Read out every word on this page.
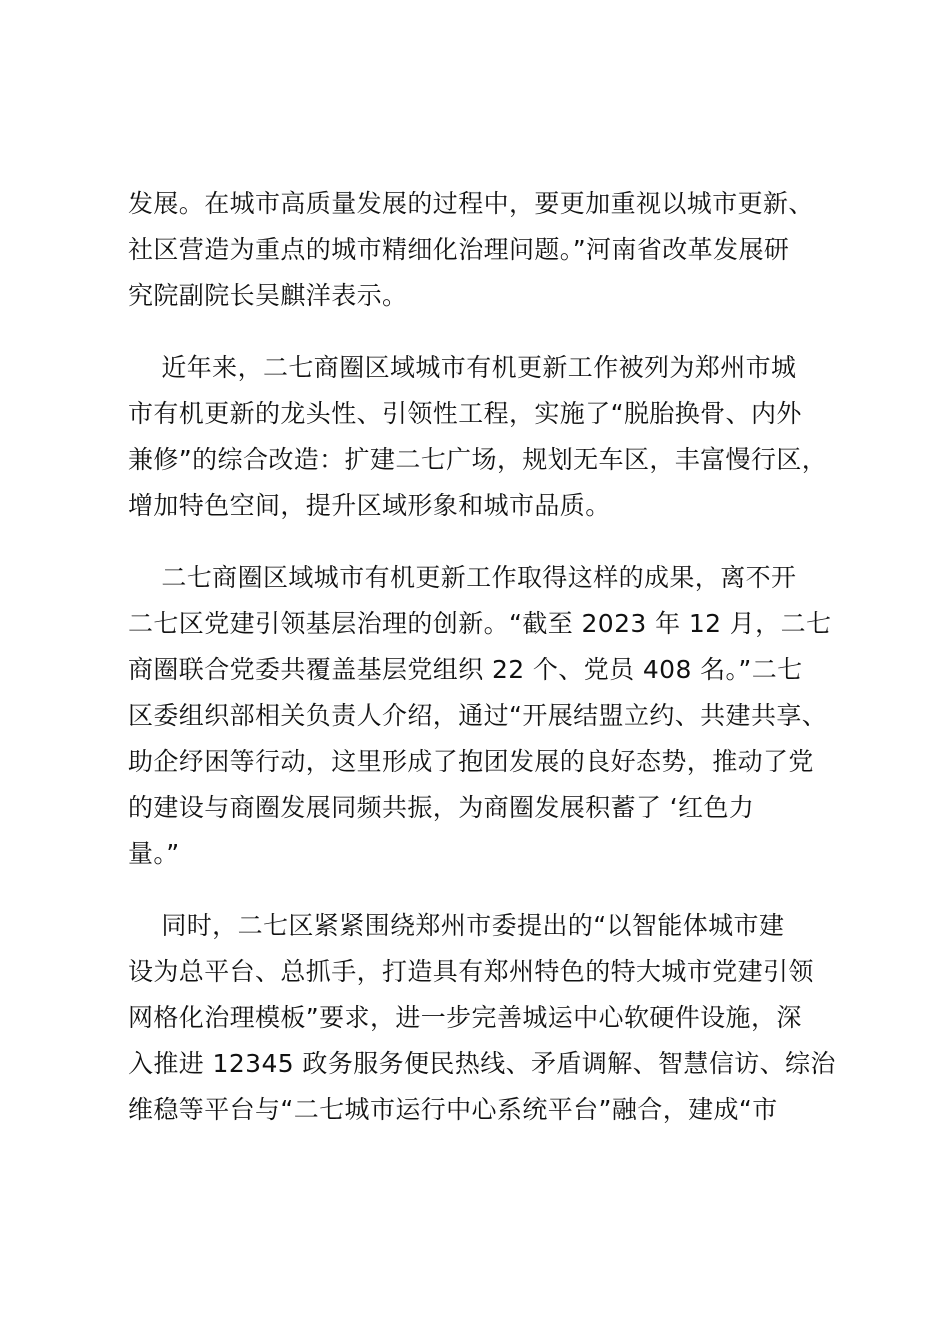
发展。在城市高质量发展的过程中，要更加重视以城市更新、
社区营造为重点的城市精细化治理问题。”河南省改革发展研
究院副院长吴麒洋表示。
近年来，二七商圈区域城市有机更新工作被列为郑州市城
市有机更新的龙头性、引领性工程，实施了“脱胎换骨、内外
兼修”的综合改造：扩建二七广场，规划无车区，丰富慢行区，
增加特色空间，提升区域形象和城市品质。
二七商圈区域城市有机更新工作取得这样的成果，离不开
二七区党建引领基层治理的创新。“截至 2023 年 12 月，二七
商圈联合党委共覆盖基层党组织 22 个、党员 408 名。”二七
区委组织部相关负责人介绍，通过“开展结盟立约、共建共享、
助企纾困等行动，这里形成了抱团发展的良好态势，推动了党
的建设与商圈发展同频共振，为商圈发展积蓄了 ‘红色力
量。”
同时，二七区紧紧围绕郑州市委提出的“以智能体城市建
设为总平台、总抓手，打造具有郑州特色的特大城市党建引领
网格化治理模板”要求，进一步完善城运中心软硬件设施，深
入推进 12345 政务服务便民热线、矛盾调解、智慧信访、综治
维稳等平台与“二七城市运行中心系统平台”融合，建成“市
